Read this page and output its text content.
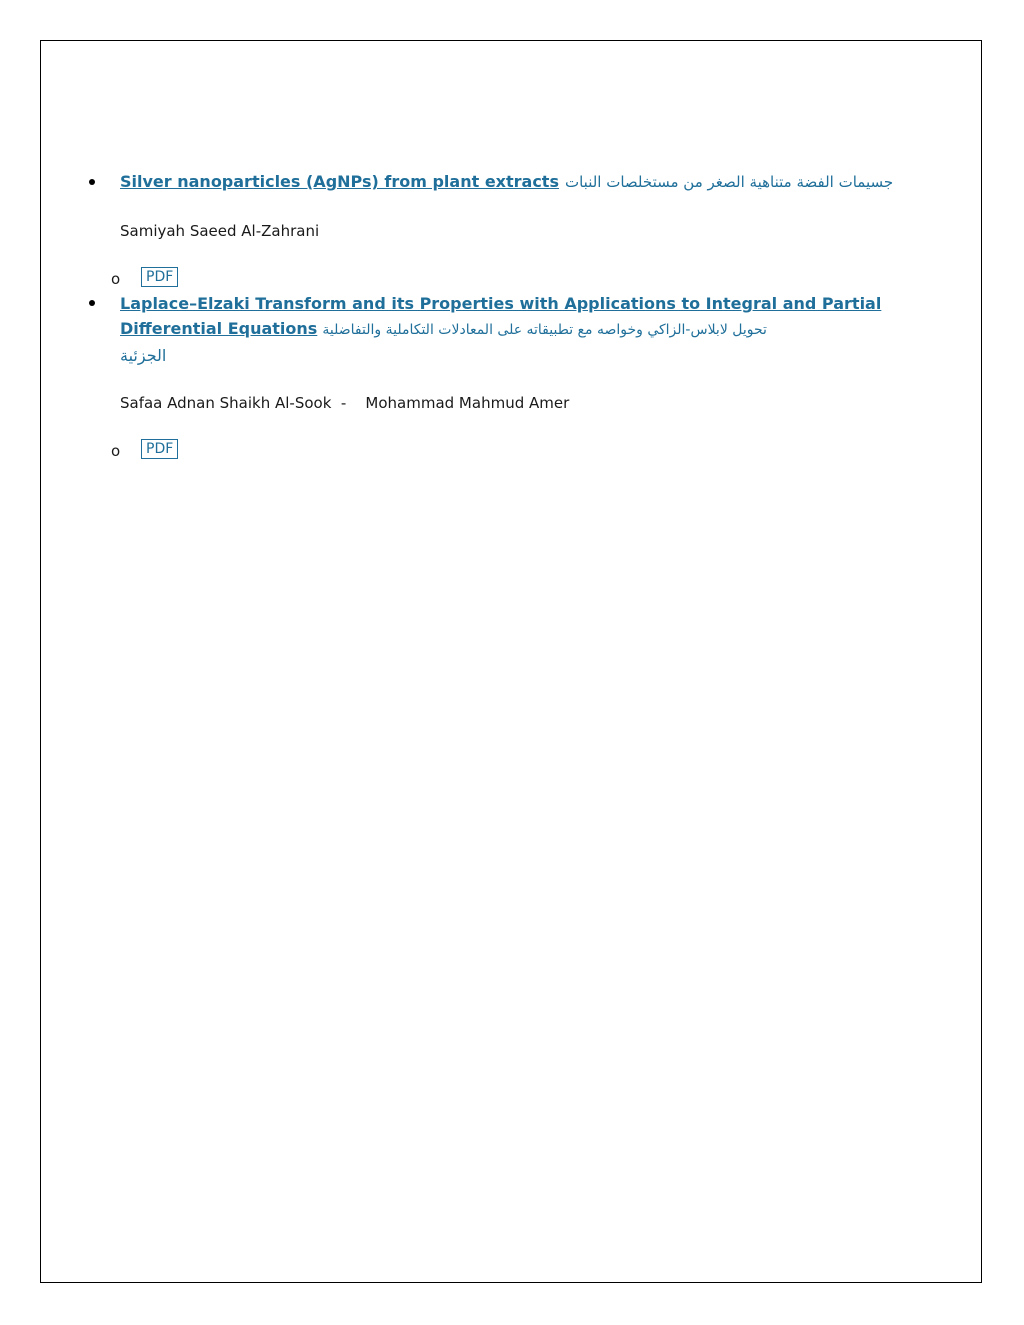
Silver nanoparticles (AgNPs) from plant extracts جسيمات الفضة متناهية الصغر من مستخلصات النبات
Samiyah Saeed Al-Zahrani
o	PDF
Laplace–Elzaki Transform and its Properties with Applications to Integral and Partial
Differential Equations تحويل لابلاس-الزاكي وخواصه مع تطبيقاته على المعادلات التكاملية والتفاضلية
الجزئية
Safaa Adnan Shaikh Al-Sook  -    Mohammad Mahmud Amer
o	PDF
